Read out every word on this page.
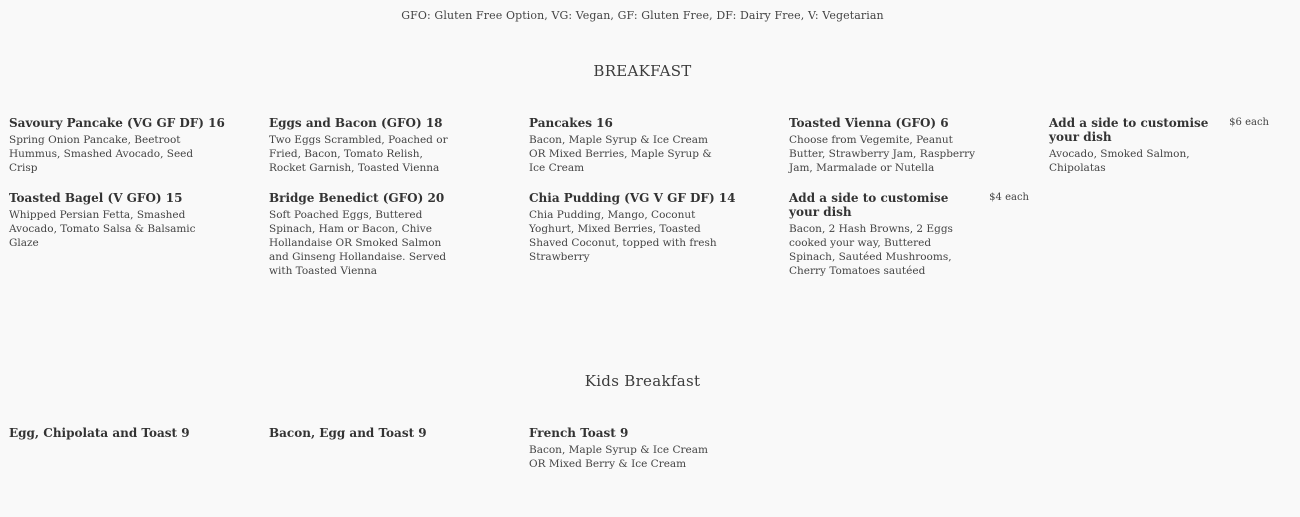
GFO: Gluten Free Option, VG: Vegan, GF: Gluten Free, DF: Dairy Free, V: Vegetarian
BREAKFAST
Savoury Pancake (VG GF DF) 16
Spring Onion Pancake, Beetroot Hummus, Smashed Avocado, Seed Crisp
Eggs and Bacon (GFO) 18
Two Eggs Scrambled, Poached or Fried, Bacon, Tomato Relish, Rocket Garnish, Toasted Vienna
Pancakes 16
Bacon, Maple Syrup & Ice Cream OR Mixed Berries, Maple Syrup & Ice Cream
Toasted Vienna (GFO) 6
Choose from Vegemite, Peanut Butter, Strawberry Jam, Raspberry Jam, Marmalade or Nutella
Add a side to customise your dish
$6 each
Avocado, Smoked Salmon, Chipolatas
Toasted Bagel (V GFO) 15
Whipped Persian Fetta, Smashed Avocado, Tomato Salsa & Balsamic Glaze
Bridge Benedict (GFO) 20
Soft Poached Eggs, Buttered Spinach, Ham or Bacon, Chive Hollandaise OR Smoked Salmon and Ginseng Hollandaise. Served with Toasted Vienna
Chia Pudding (VG V GF DF) 14
Chia Pudding, Mango, Coconut Yoghurt, Mixed Berries, Toasted Shaved Coconut, topped with fresh Strawberry
Add a side to customise your dish
$4 each
Bacon, 2 Hash Browns, 2 Eggs cooked your way, Buttered Spinach, Sautéed Mushrooms, Cherry Tomatoes sautéed
Kids Breakfast
Egg, Chipolata and Toast 9	Bacon, Egg and Toast 9	French Toast 9
Bacon, Maple Syrup & Ice Cream OR Mixed Berry & Ice Cream
